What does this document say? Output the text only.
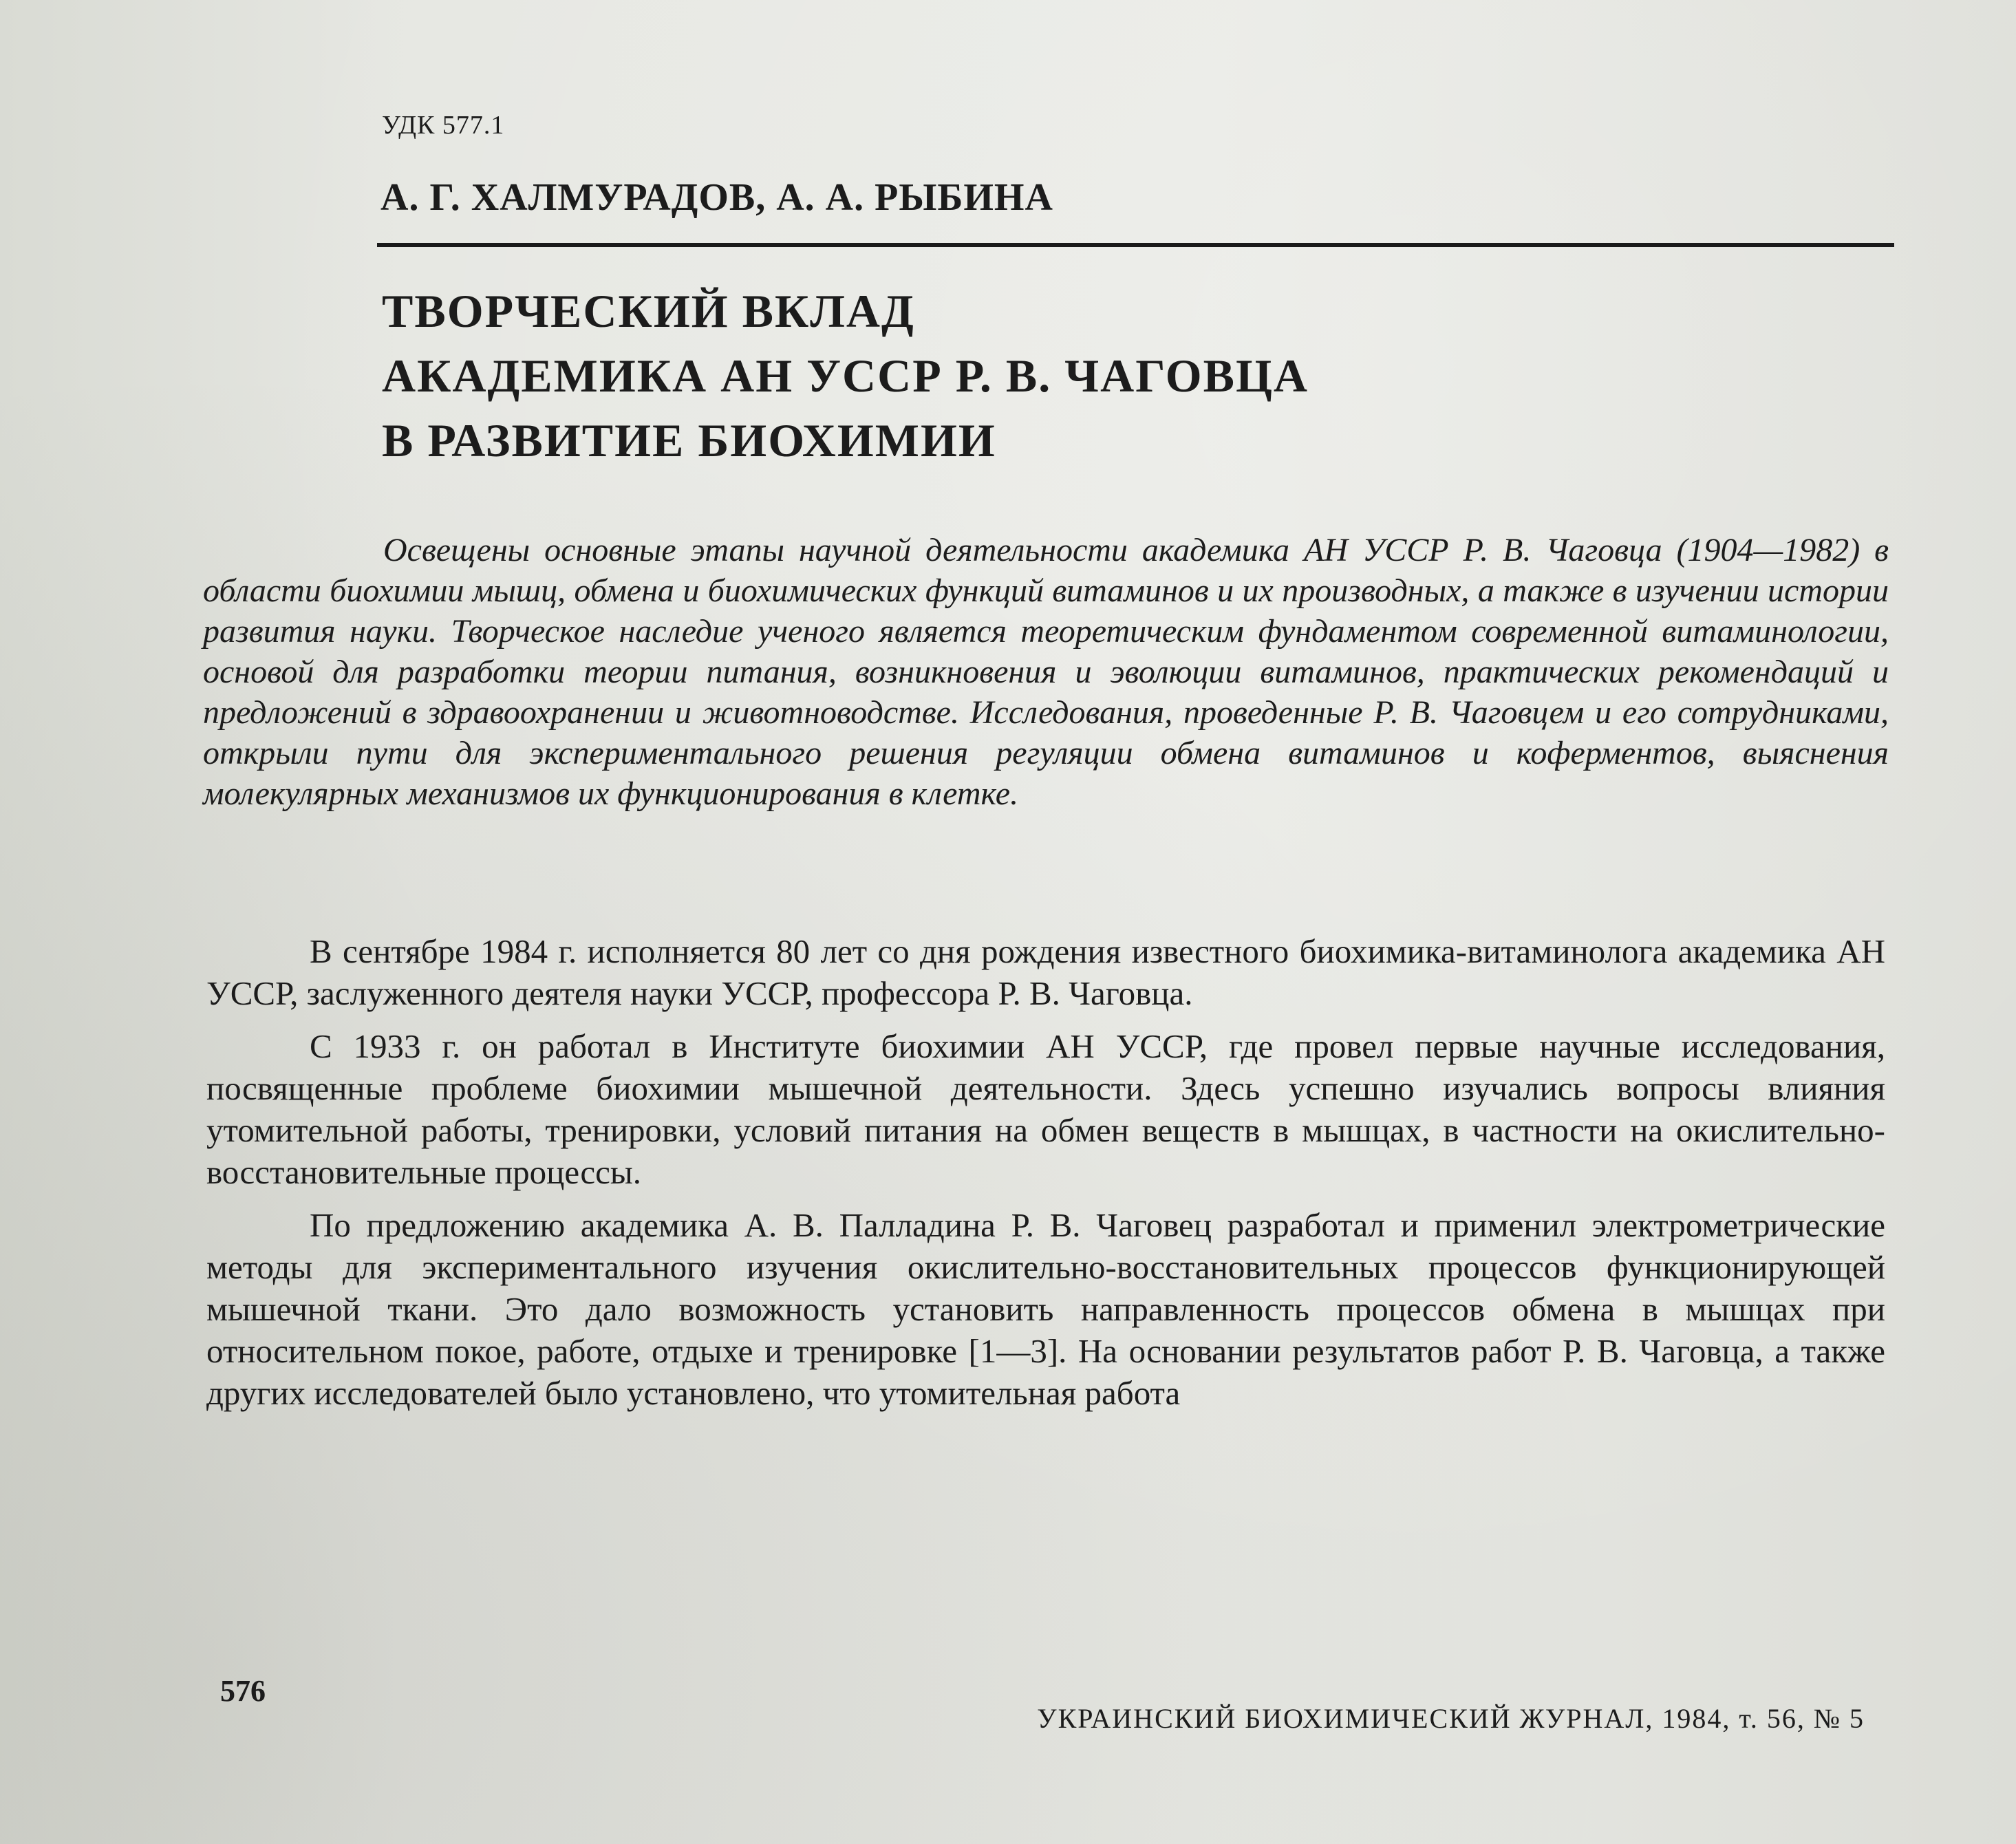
УДК 577.1
А. Г. ХАЛМУРАДОВ, А. А. РЫБИНА
ТВОРЧЕСКИЙ ВКЛАД
АКАДЕМИКА АН УССР Р. В. ЧАГОВЦА
В РАЗВИТИЕ БИОХИМИИ

Освещены основные этапы научной деятельности академика АН УССР Р. В. Чаговца (1904—1982) в области биохимии мышц, обмена и биохимических функций витаминов и их производных, а также в изучении истории развития науки. Творческое наследие ученого является теоретическим фундаментом современной витаминологии, основой для разработки теории питания, возникновения и эволюции витаминов, практических рекомендаций и предложений в здравоохранении и животноводстве. Исследования, проведенные Р. В. Чаговцем и его сотрудниками, открыли пути для экспериментального решения регуляции обмена витаминов и коферментов, выяснения молекулярных механизмов их функционирования в клетке.

В сентябре 1984 г. исполняется 80 лет со дня рождения известного биохимика-витаминолога академика АН УССР, заслуженного деятеля науки УССР, профессора Р. В. Чаговца.

С 1933 г. он работал в Институте биохимии АН УССР, где провел первые научные исследования, посвященные проблеме биохимии мышечной деятельности. Здесь успешно изучались вопросы влияния утомительной работы, тренировки, условий питания на обмен веществ в мышцах, в частности на окислительно-восстановительные процессы.

По предложению академика А. В. Палладина Р. В. Чаговец разработал и применил электрометрические методы для экспериментального изучения окислительно-восстановительных процессов функционирующей мышечной ткани. Это дало возможность установить направленность процессов обмена в мышцах при относительном покое, работе, отдыхе и тренировке [1—3]. На основании результатов работ Р. В. Чаговца, а также других исследователей было установлено, что утомительная работа

576
УКРАИНСКИЙ БИОХИМИЧЕСКИЙ ЖУРНАЛ, 1984, т. 56, № 5
